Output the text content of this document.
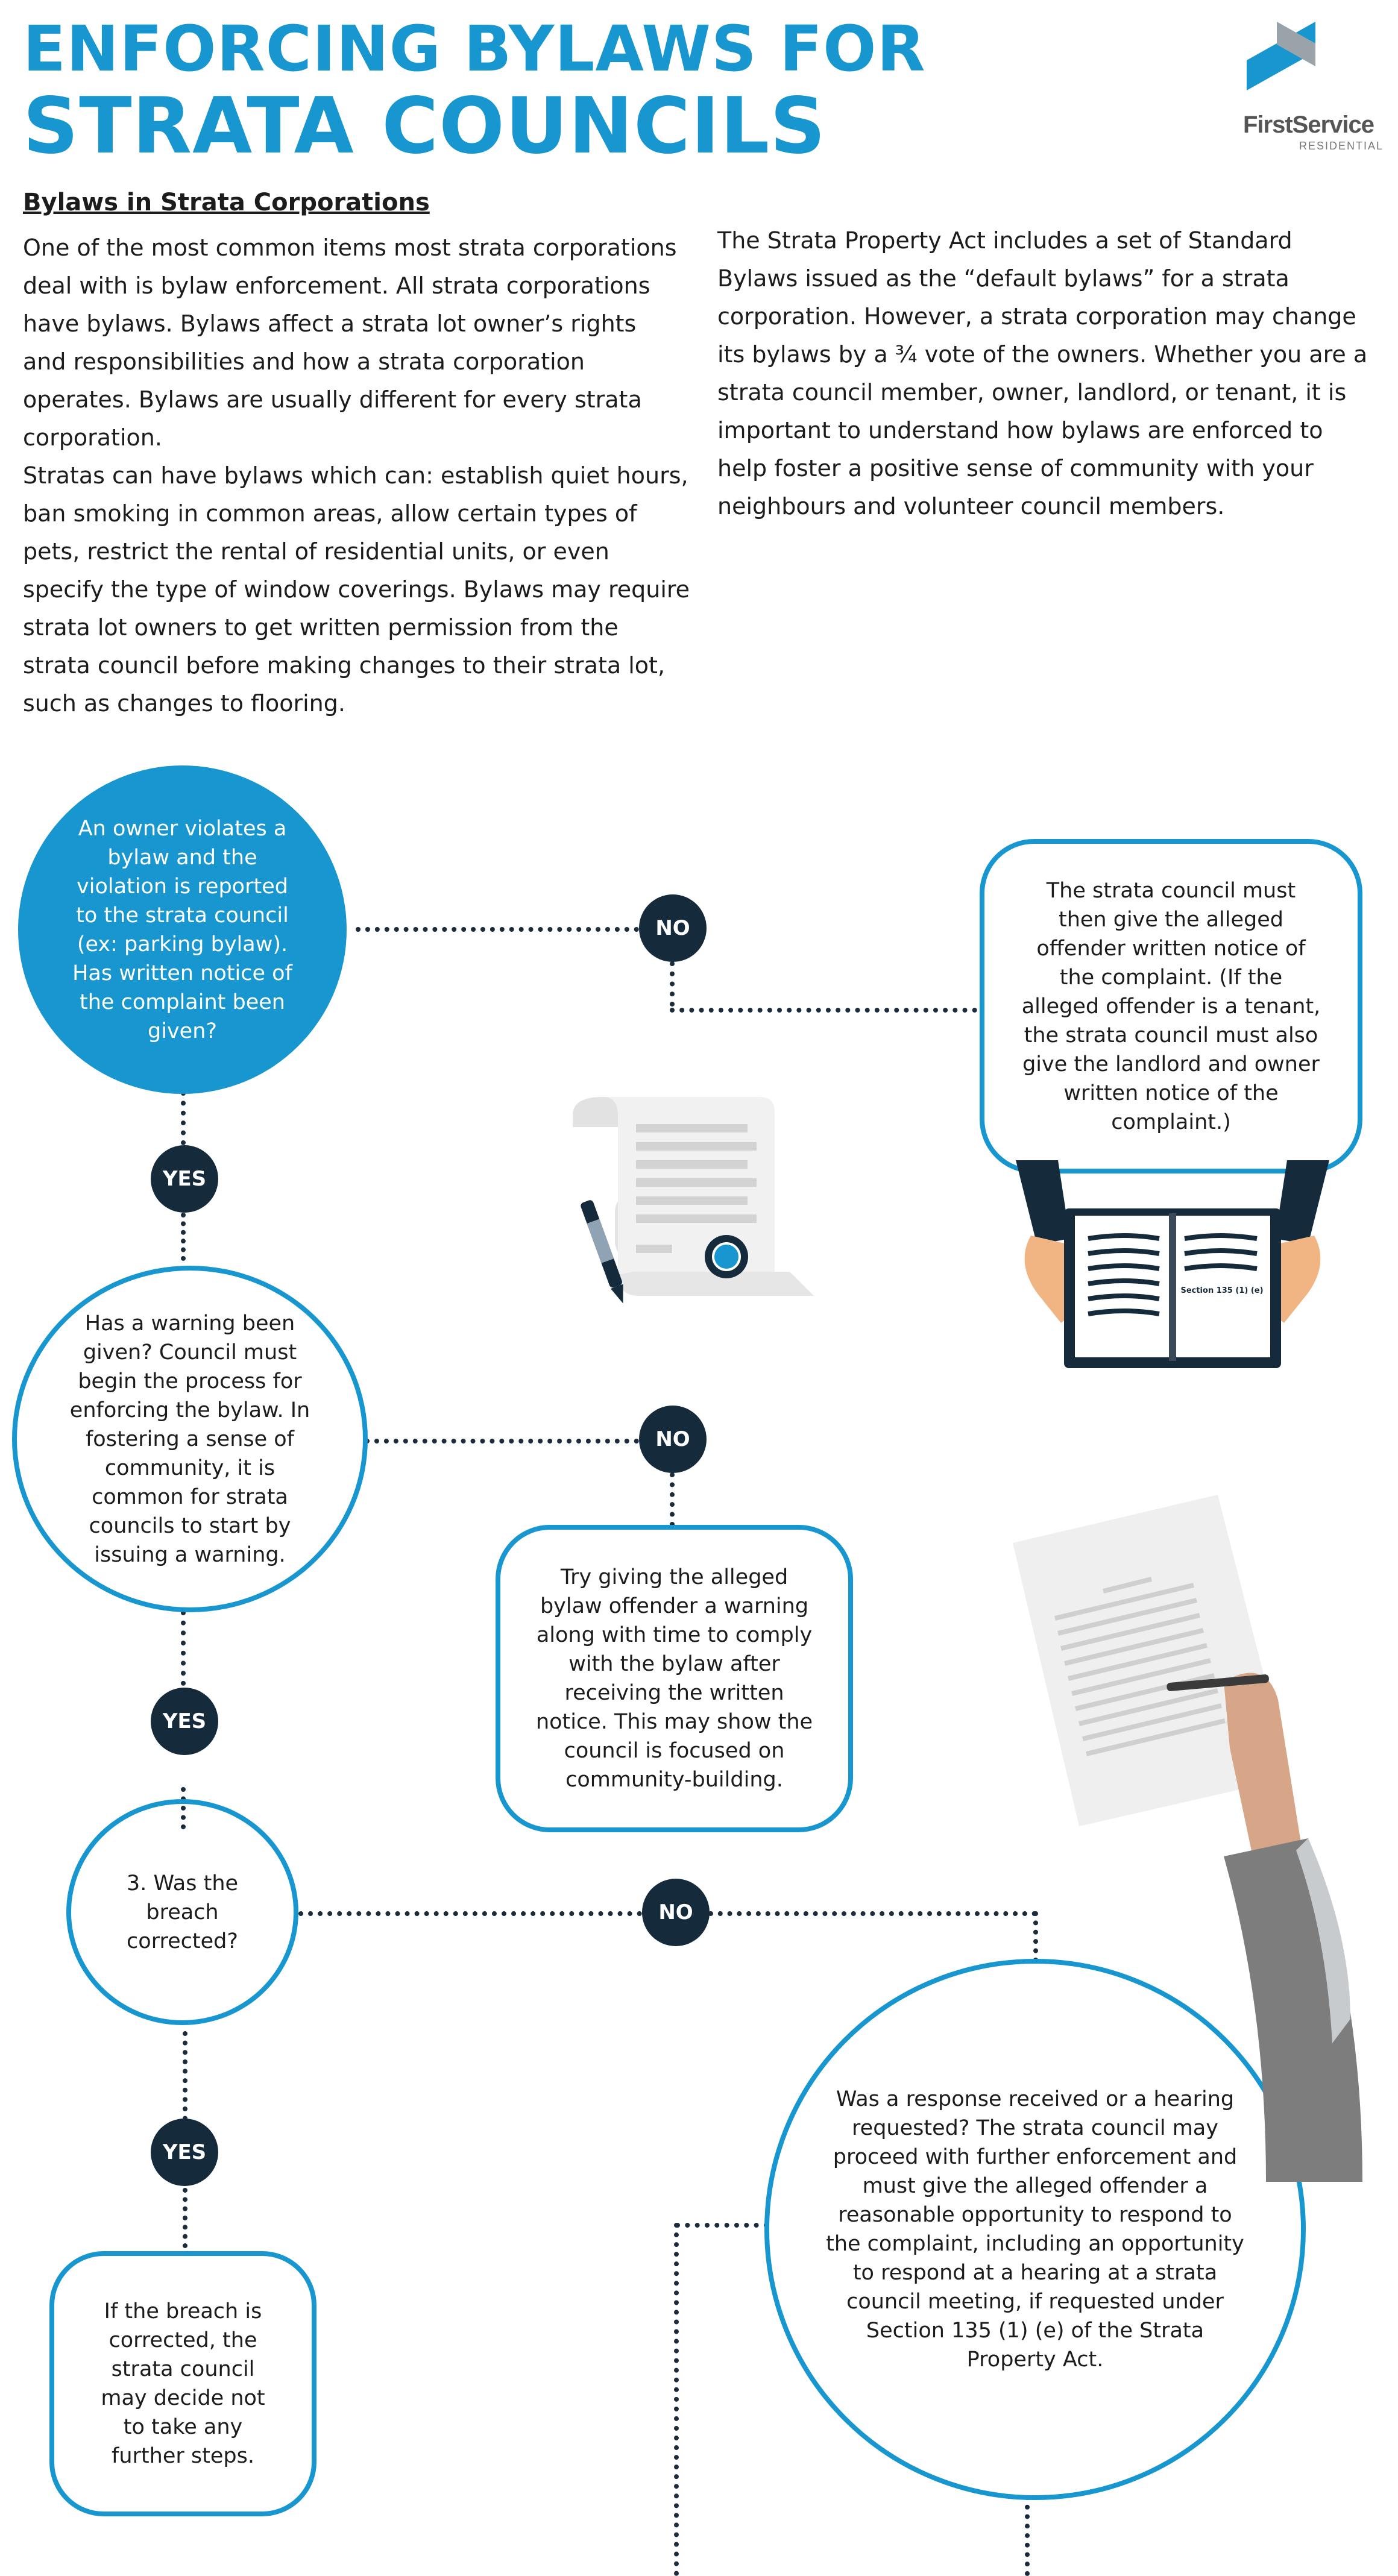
ENFORCING BYLAWS FOR
STRATA COUNCILS	FirstService
RESIDENTIAL
Bylaws in Strata Corporations

One of the most common items most strata corporations deal with is bylaw enforcement. All strata corporations have bylaws. Bylaws affect a strata lot owner’s rights and responsibilities and how a strata corporation operates. Bylaws are usually different for every strata corporation.

Stratas can have bylaws which can: establish quiet hours, ban smoking in common areas, allow certain types of pets, restrict the rental of residential units, or even specify the type of window coverings. Bylaws may require strata lot owners to get written permission from the strata council before making changes to their strata lot, such as changes to flooring.

The Strata Property Act includes a set of Standard Bylaws issued as the “default bylaws” for a strata corporation. However, a strata corporation may change its bylaws by a ¾ vote of the owners. Whether you are a strata council member, owner, landlord, or tenant, it is important to understand how bylaws are enforced to help foster a positive sense of community with your neighbours and volunteer council members.

NO
YES
NO
YES
NO
YES
An owner violates a bylaw and the violation is reported to the strata council (ex: parking bylaw). Has written notice of the complaint been given?
The strata council must then give the alleged offender written notice of the complaint. (If the alleged offender is a tenant, the strata council must also give the landlord and owner written notice of the complaint.)
Has a warning been given? Council must begin the process for enforcing the bylaw. In fostering a sense of community, it is common for strata councils to start by issuing a warning.
Try giving the alleged bylaw offender a warning along with time to comply with the bylaw after receiving the written notice. This may show the council is focused on community-building.
3. Was the breach corrected?
If the breach is corrected, the strata council may decide not to take any further steps.
Was a response received or a hearing requested? The strata council may proceed with further enforcement and must give the alleged offender a reasonable opportunity to respond to the complaint, including an opportunity to respond at a hearing at a strata council meeting, if requested under Section 135 (1) (e) of the Strata Property Act.
Section 135 (1) (e)
